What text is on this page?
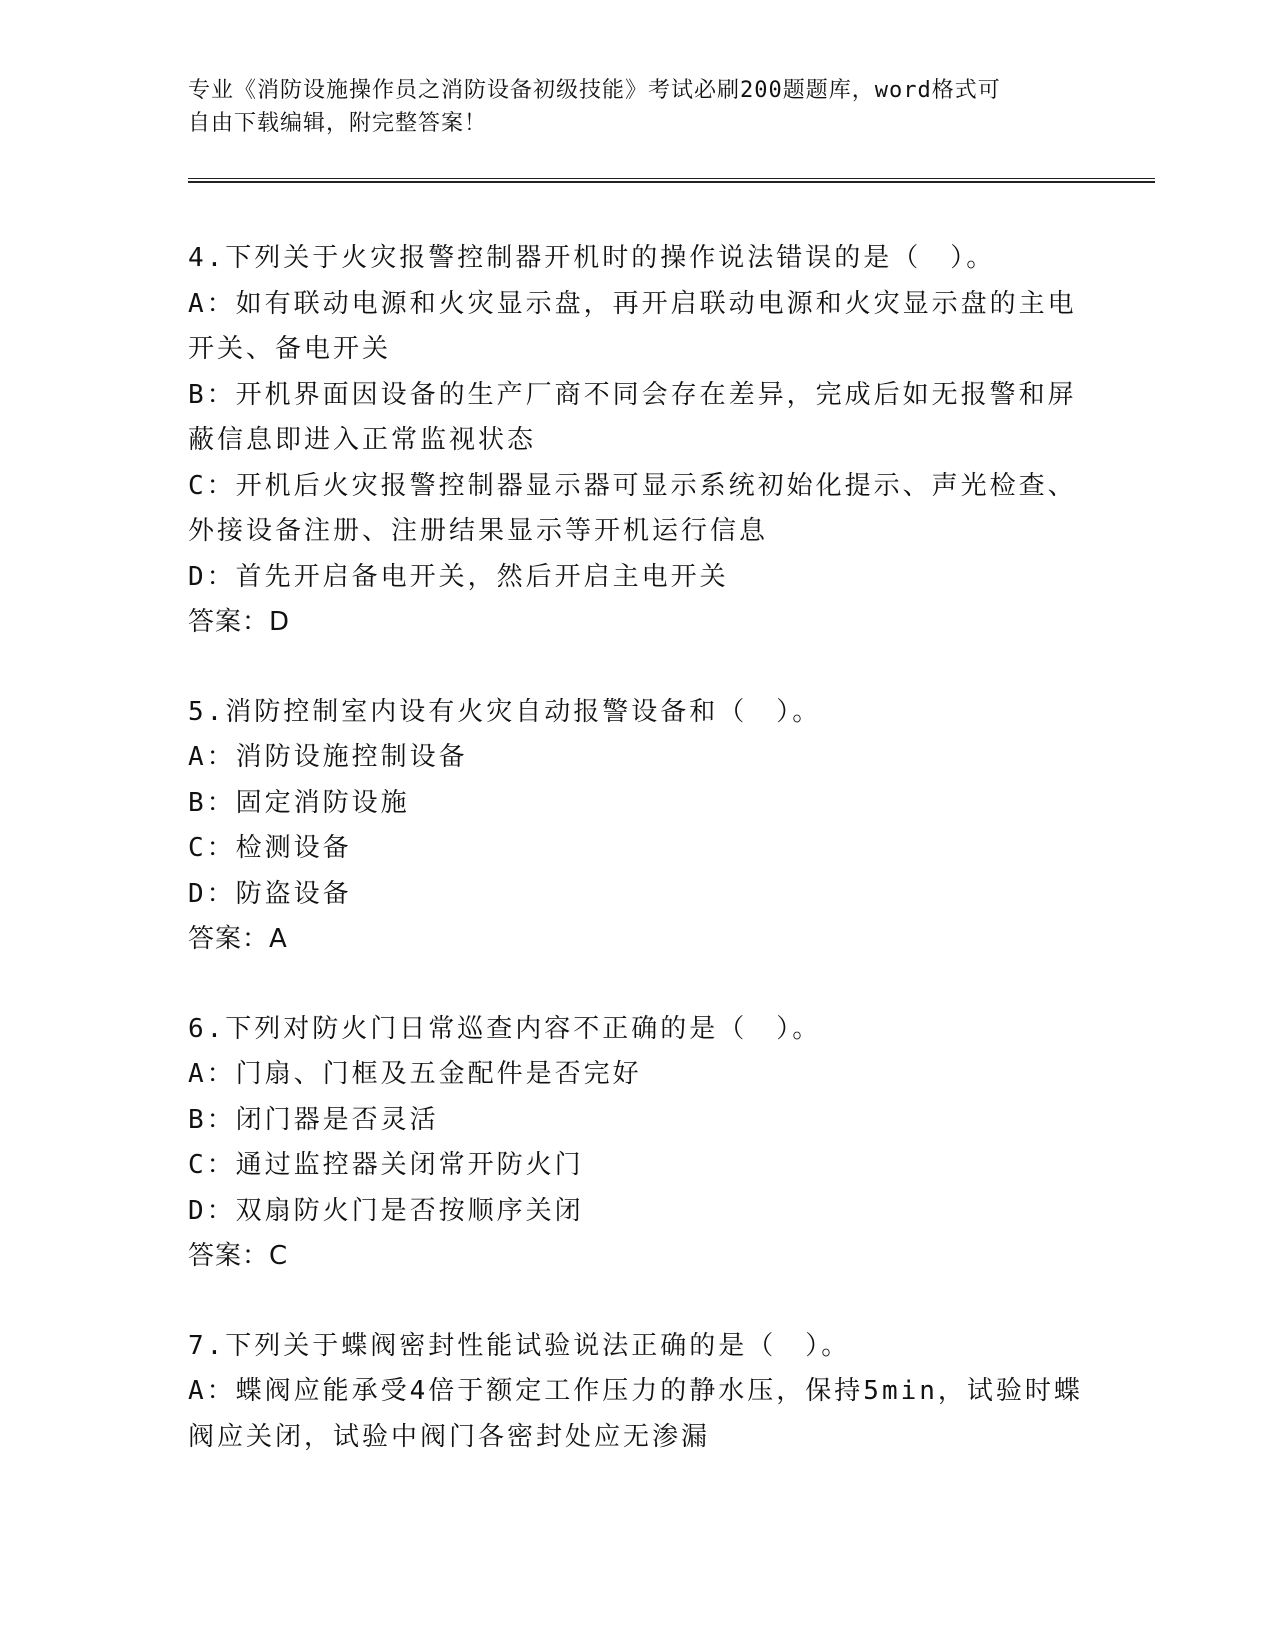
专业《消防设施操作员之消防设备初级技能》考试必刷200题题库，word格式可
自由下载编辑，附完整答案！
4.下列关于火灾报警控制器开机时的操作说法错误的是（　）。
A：如有联动电源和火灾显示盘，再开启联动电源和火灾显示盘的主电
开关、备电开关
B：开机界面因设备的生产厂商不同会存在差异，完成后如无报警和屏
蔽信息即进入正常监视状态
C：开机后火灾报警控制器显示器可显示系统初始化提示、声光检查、
外接设备注册、注册结果显示等开机运行信息
D：首先开启备电开关，然后开启主电开关
答案：D
5.消防控制室内设有火灾自动报警设备和（　）。
A：消防设施控制设备
B：固定消防设施
C：检测设备
D：防盗设备
答案：A
6.下列对防火门日常巡查内容不正确的是（　）。
A：门扇、门框及五金配件是否完好
B：闭门器是否灵活
C：通过监控器关闭常开防火门
D：双扇防火门是否按顺序关闭
答案：C
7.下列关于蝶阀密封性能试验说法正确的是（　）。
A：蝶阀应能承受4倍于额定工作压力的静水压，保持5min，试验时蝶
阀应关闭，试验中阀门各密封处应无渗漏
